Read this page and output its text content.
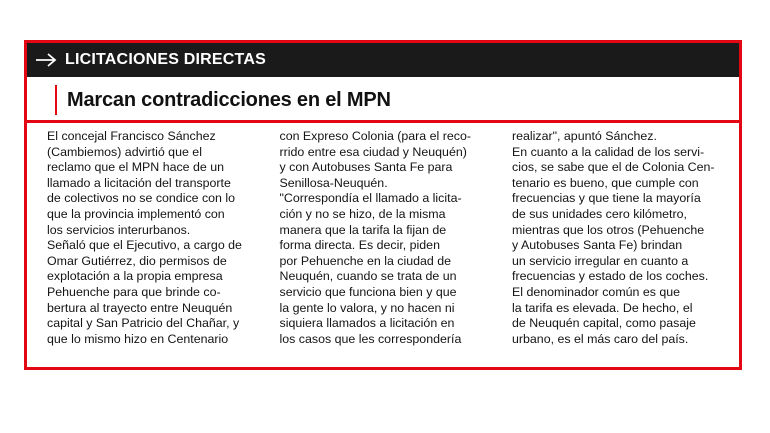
LICITACIONES DIRECTAS
Marcan contradicciones en el MPN

El concejal Francisco Sánchez
(Cambiemos) advirtió que el
reclamo que el MPN hace de un
llamado a licitación del transporte
de colectivos no se condice con lo
que la provincia implementó con
los servicios interurbanos.

Señaló que el Ejecutivo, a cargo de
Omar Gutiérrez, dio permisos de
explotación a la propia empresa
Pehuenche para que brinde co-
bertura al trayecto entre Neuquén
capital y San Patricio del Chañar, y
que lo mismo hizo en Centenario

con Expreso Colonia (para el reco-
rrido entre esa ciudad y Neuquén)
y con Autobuses Santa Fe para
Senillosa-Neuquén.

"Correspondía el llamado a licita-
ción y no se hizo, de la misma
manera que la tarifa la fijan de
forma directa. Es decir, piden
por Pehuenche en la ciudad de
Neuquén, cuando se trata de un
servicio que funciona bien y que
la gente lo valora, y no hacen ni
siquiera llamados a licitación en
los casos que les correspondería

realizar", apuntó Sánchez.

En cuanto a la calidad de los servi-
cios, se sabe que el de Colonia Cen-
tenario es bueno, que cumple con
frecuencias y que tiene la mayoría
de sus unidades cero kilómetro,
mientras que los otros (Pehuenche
y Autobuses Santa Fe) brindan
un servicio irregular en cuanto a
frecuencias y estado de los coches.

El denominador común es que
la tarifa es elevada. De hecho, el
de Neuquén capital, como pasaje
urbano, es el más caro del país.
